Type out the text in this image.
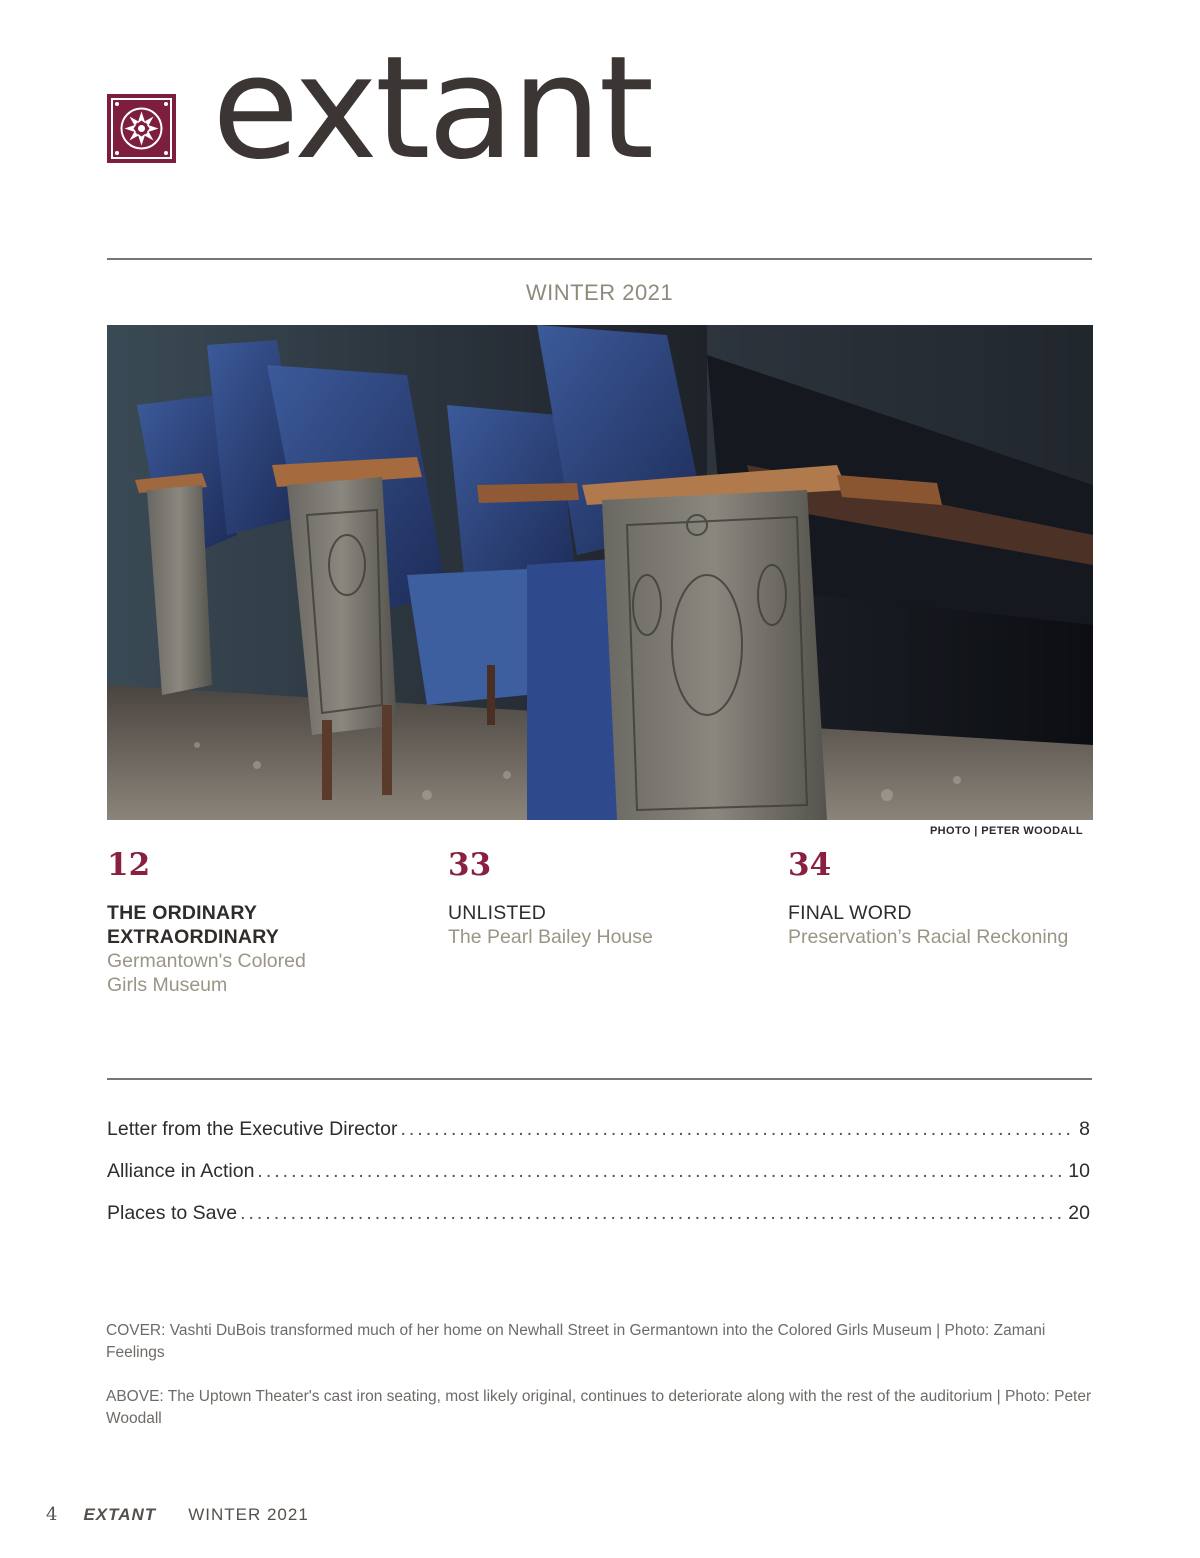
extant
WINTER 2021
PHOTO | PETER WOODALL
12
THE ORDINARY EXTRAORDINARY
Germantown's Colored Girls Museum
33
UNLISTED
The Pearl Bailey House
34
FINAL WORD
Preservation’s Racial Reckoning
Letter from the Executive Director .....	8
Alliance in Action .....	10
Places to Save .....	20
COVER: Vashti DuBois transformed much of her home on Newhall Street in Germantown into the Colored Girls Museum | Photo: Zamani Feelings
ABOVE: The Uptown Theater's cast iron seating, most likely original, continues to deteriorate along with the rest of the auditorium | Photo: Peter Woodall
4 EXTANT WINTER 2021
